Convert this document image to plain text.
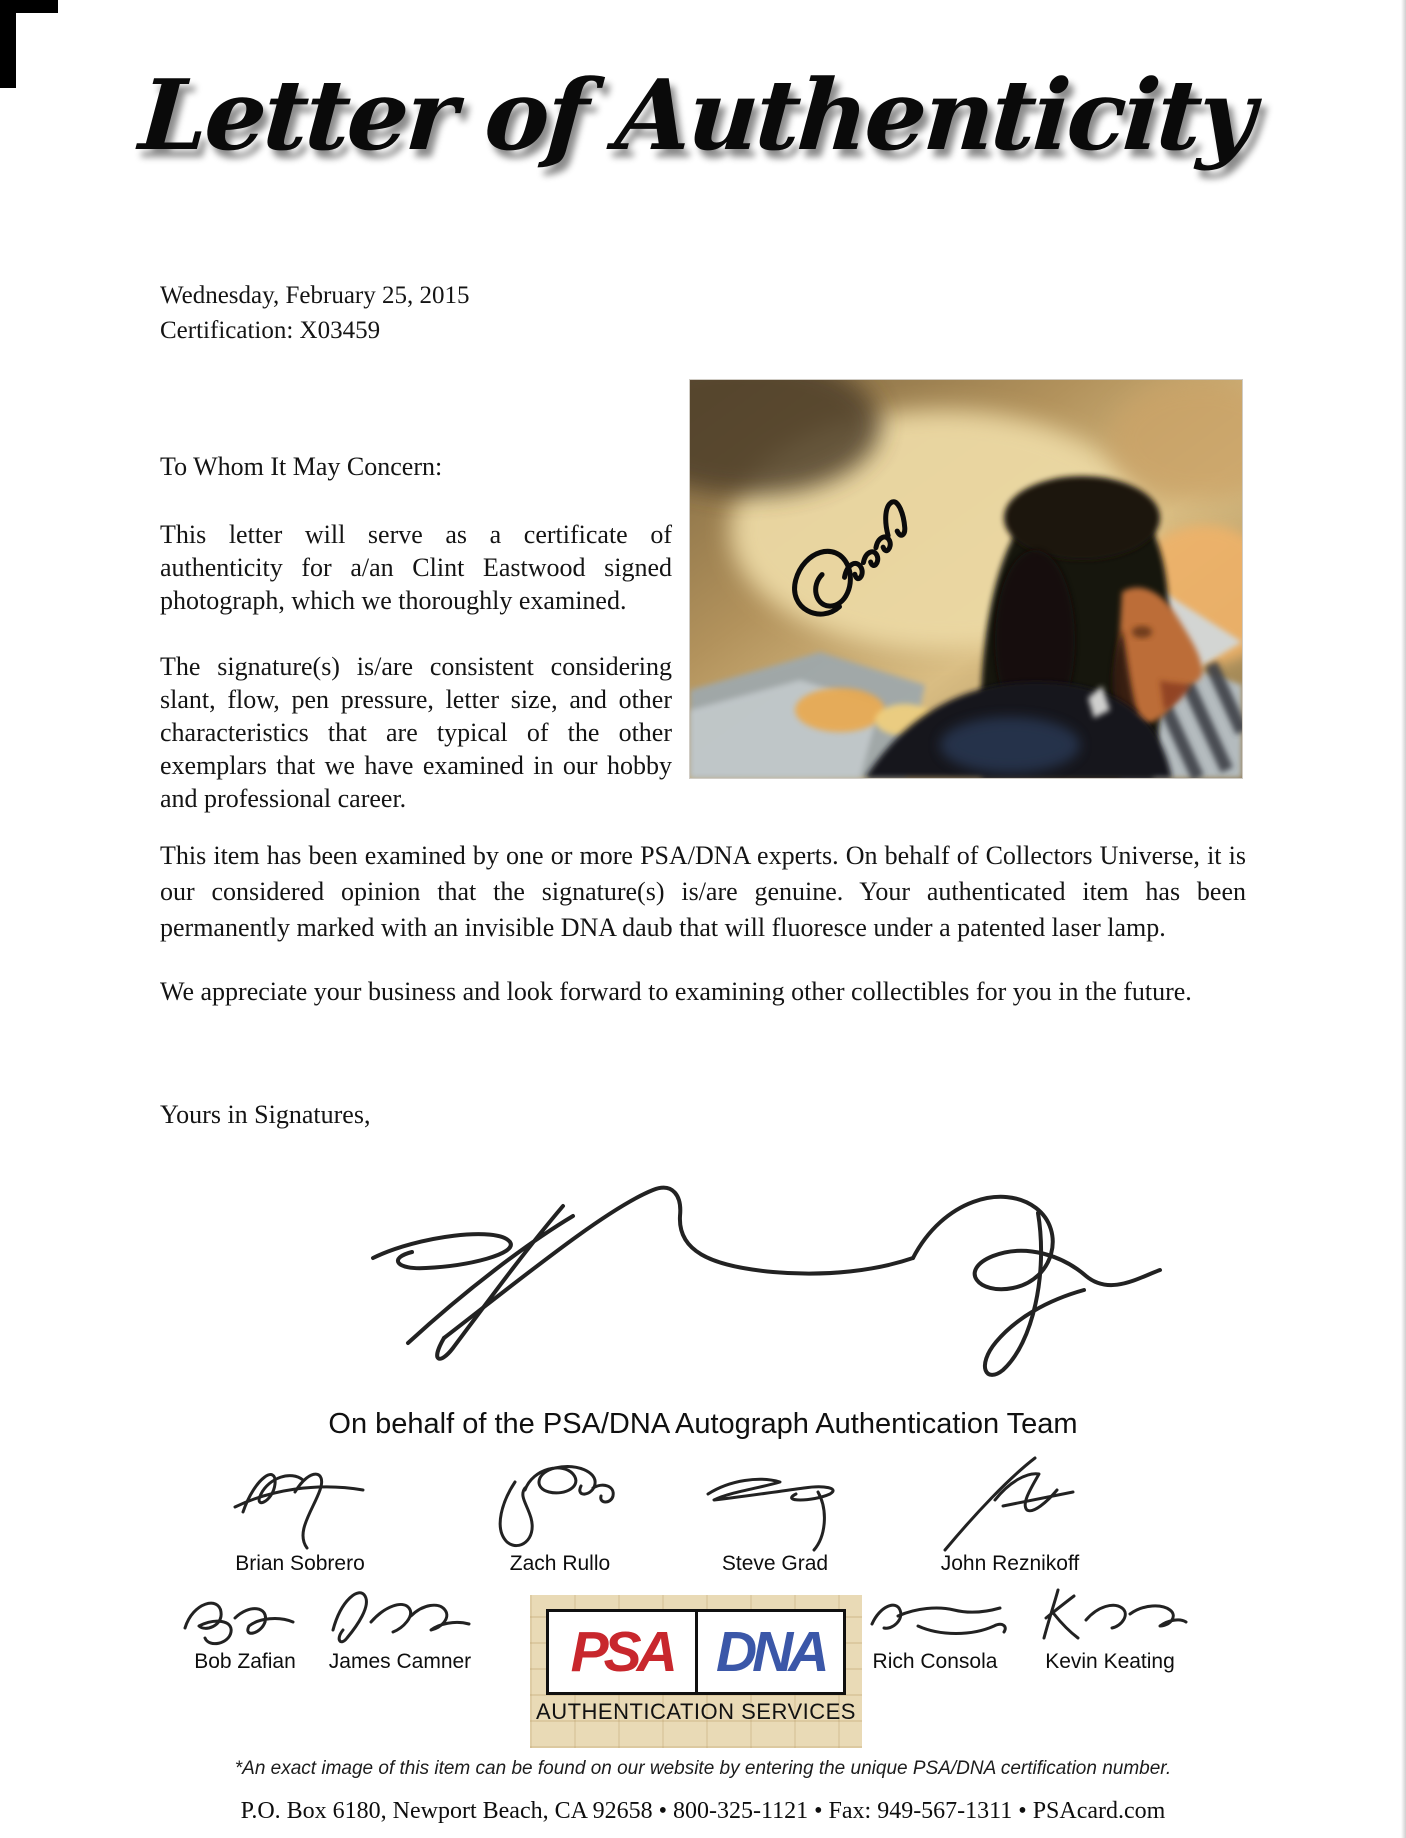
Letter of Authenticity
Wednesday, February 25, 2015
Certification: X03459
To Whom It May Concern:

This letter will serve as a certificate of authenticity for a/an Clint Eastwood signed photograph, which we thoroughly examined.

The signature(s) is/are consistent considering slant, flow, pen pressure, letter size, and other characteristics that are typical of the other exemplars that we have examined in our hobby and professional career.

This item has been examined by one or more PSA/DNA experts. On behalf of Collectors Universe, it is our considered opinion that the signature(s) is/are genuine. Your authenticated item has been permanently marked with an invisible DNA daub that will fluoresce under a patented laser lamp.

We appreciate your business and look forward to examining other collectibles for you in the future.

Yours in Signatures,
On behalf of the PSA/DNA Autograph Authentication Team
Brian Sobrero	Zach Rullo	Steve Grad	John Reznikoff
Bob Zafian	James Camner	Rich Consola	Kevin Keating
PSA DNA
AUTHENTICATION SERVICES
*An exact image of this item can be found on our website by entering the unique PSA/DNA certification number.
P.O. Box 6180, Newport Beach, CA 92658 • 800-325-1121 • Fax: 949-567-1311 • PSAcard.com
